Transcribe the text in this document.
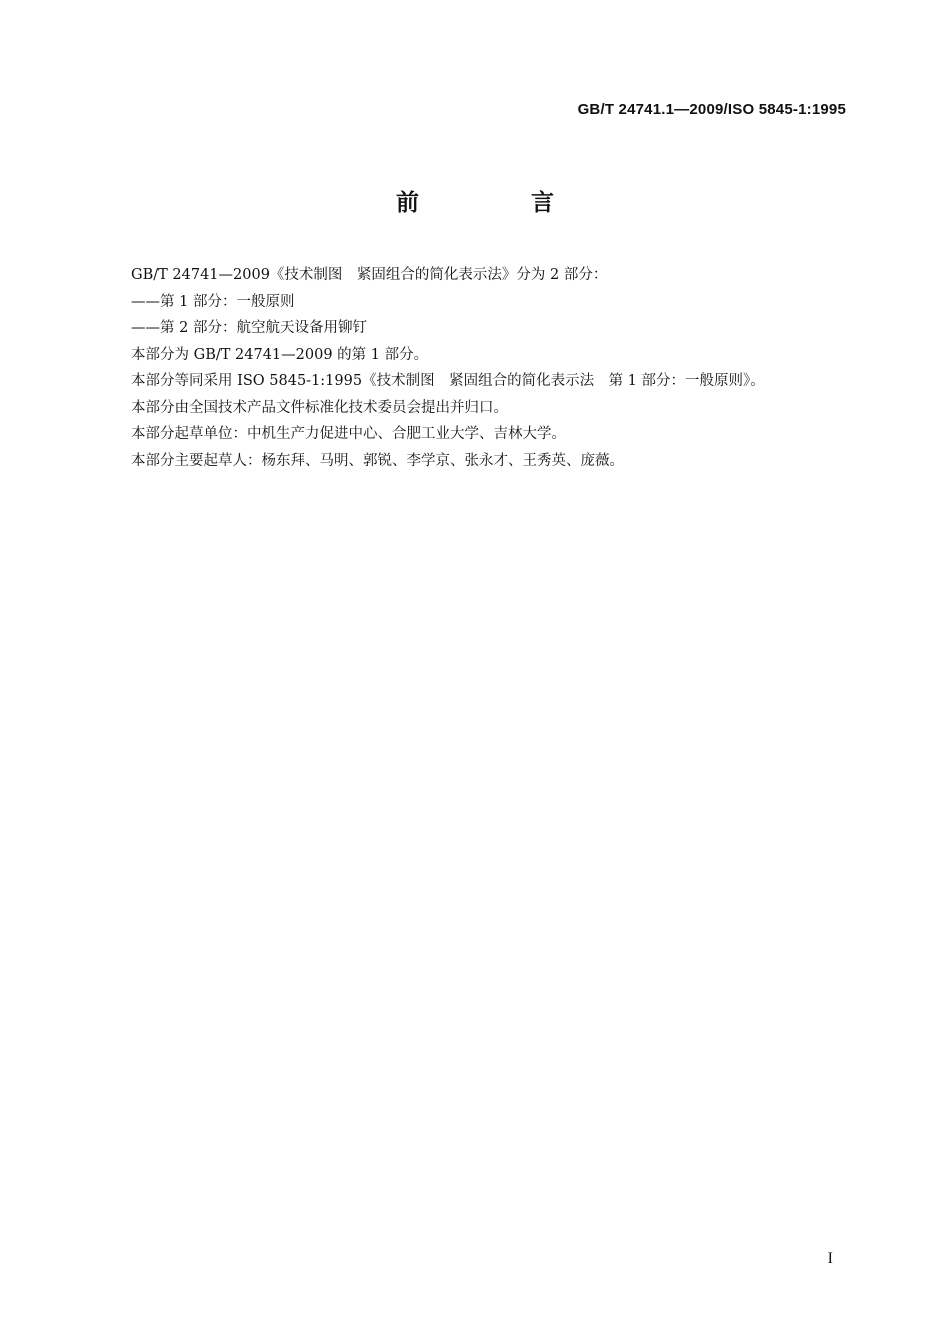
GB/T 24741.1—2009/ISO 5845-1:1995
前 言
GB/T 24741—2009《技术制图　紧固组合的简化表示法》分为 2 部分：
——第 1 部分：一般原则
——第 2 部分：航空航天设备用铆钉
本部分为 GB/T 24741—2009 的第 1 部分。
本部分等同采用 ISO 5845-1:1995《技术制图　紧固组合的简化表示法　第 1 部分：一般原则》。
本部分由全国技术产品文件标准化技术委员会提出并归口。
本部分起草单位：中机生产力促进中心、合肥工业大学、吉林大学。
本部分主要起草人：杨东拜、马明、郭锐、李学京、张永才、王秀英、庞薇。
I
